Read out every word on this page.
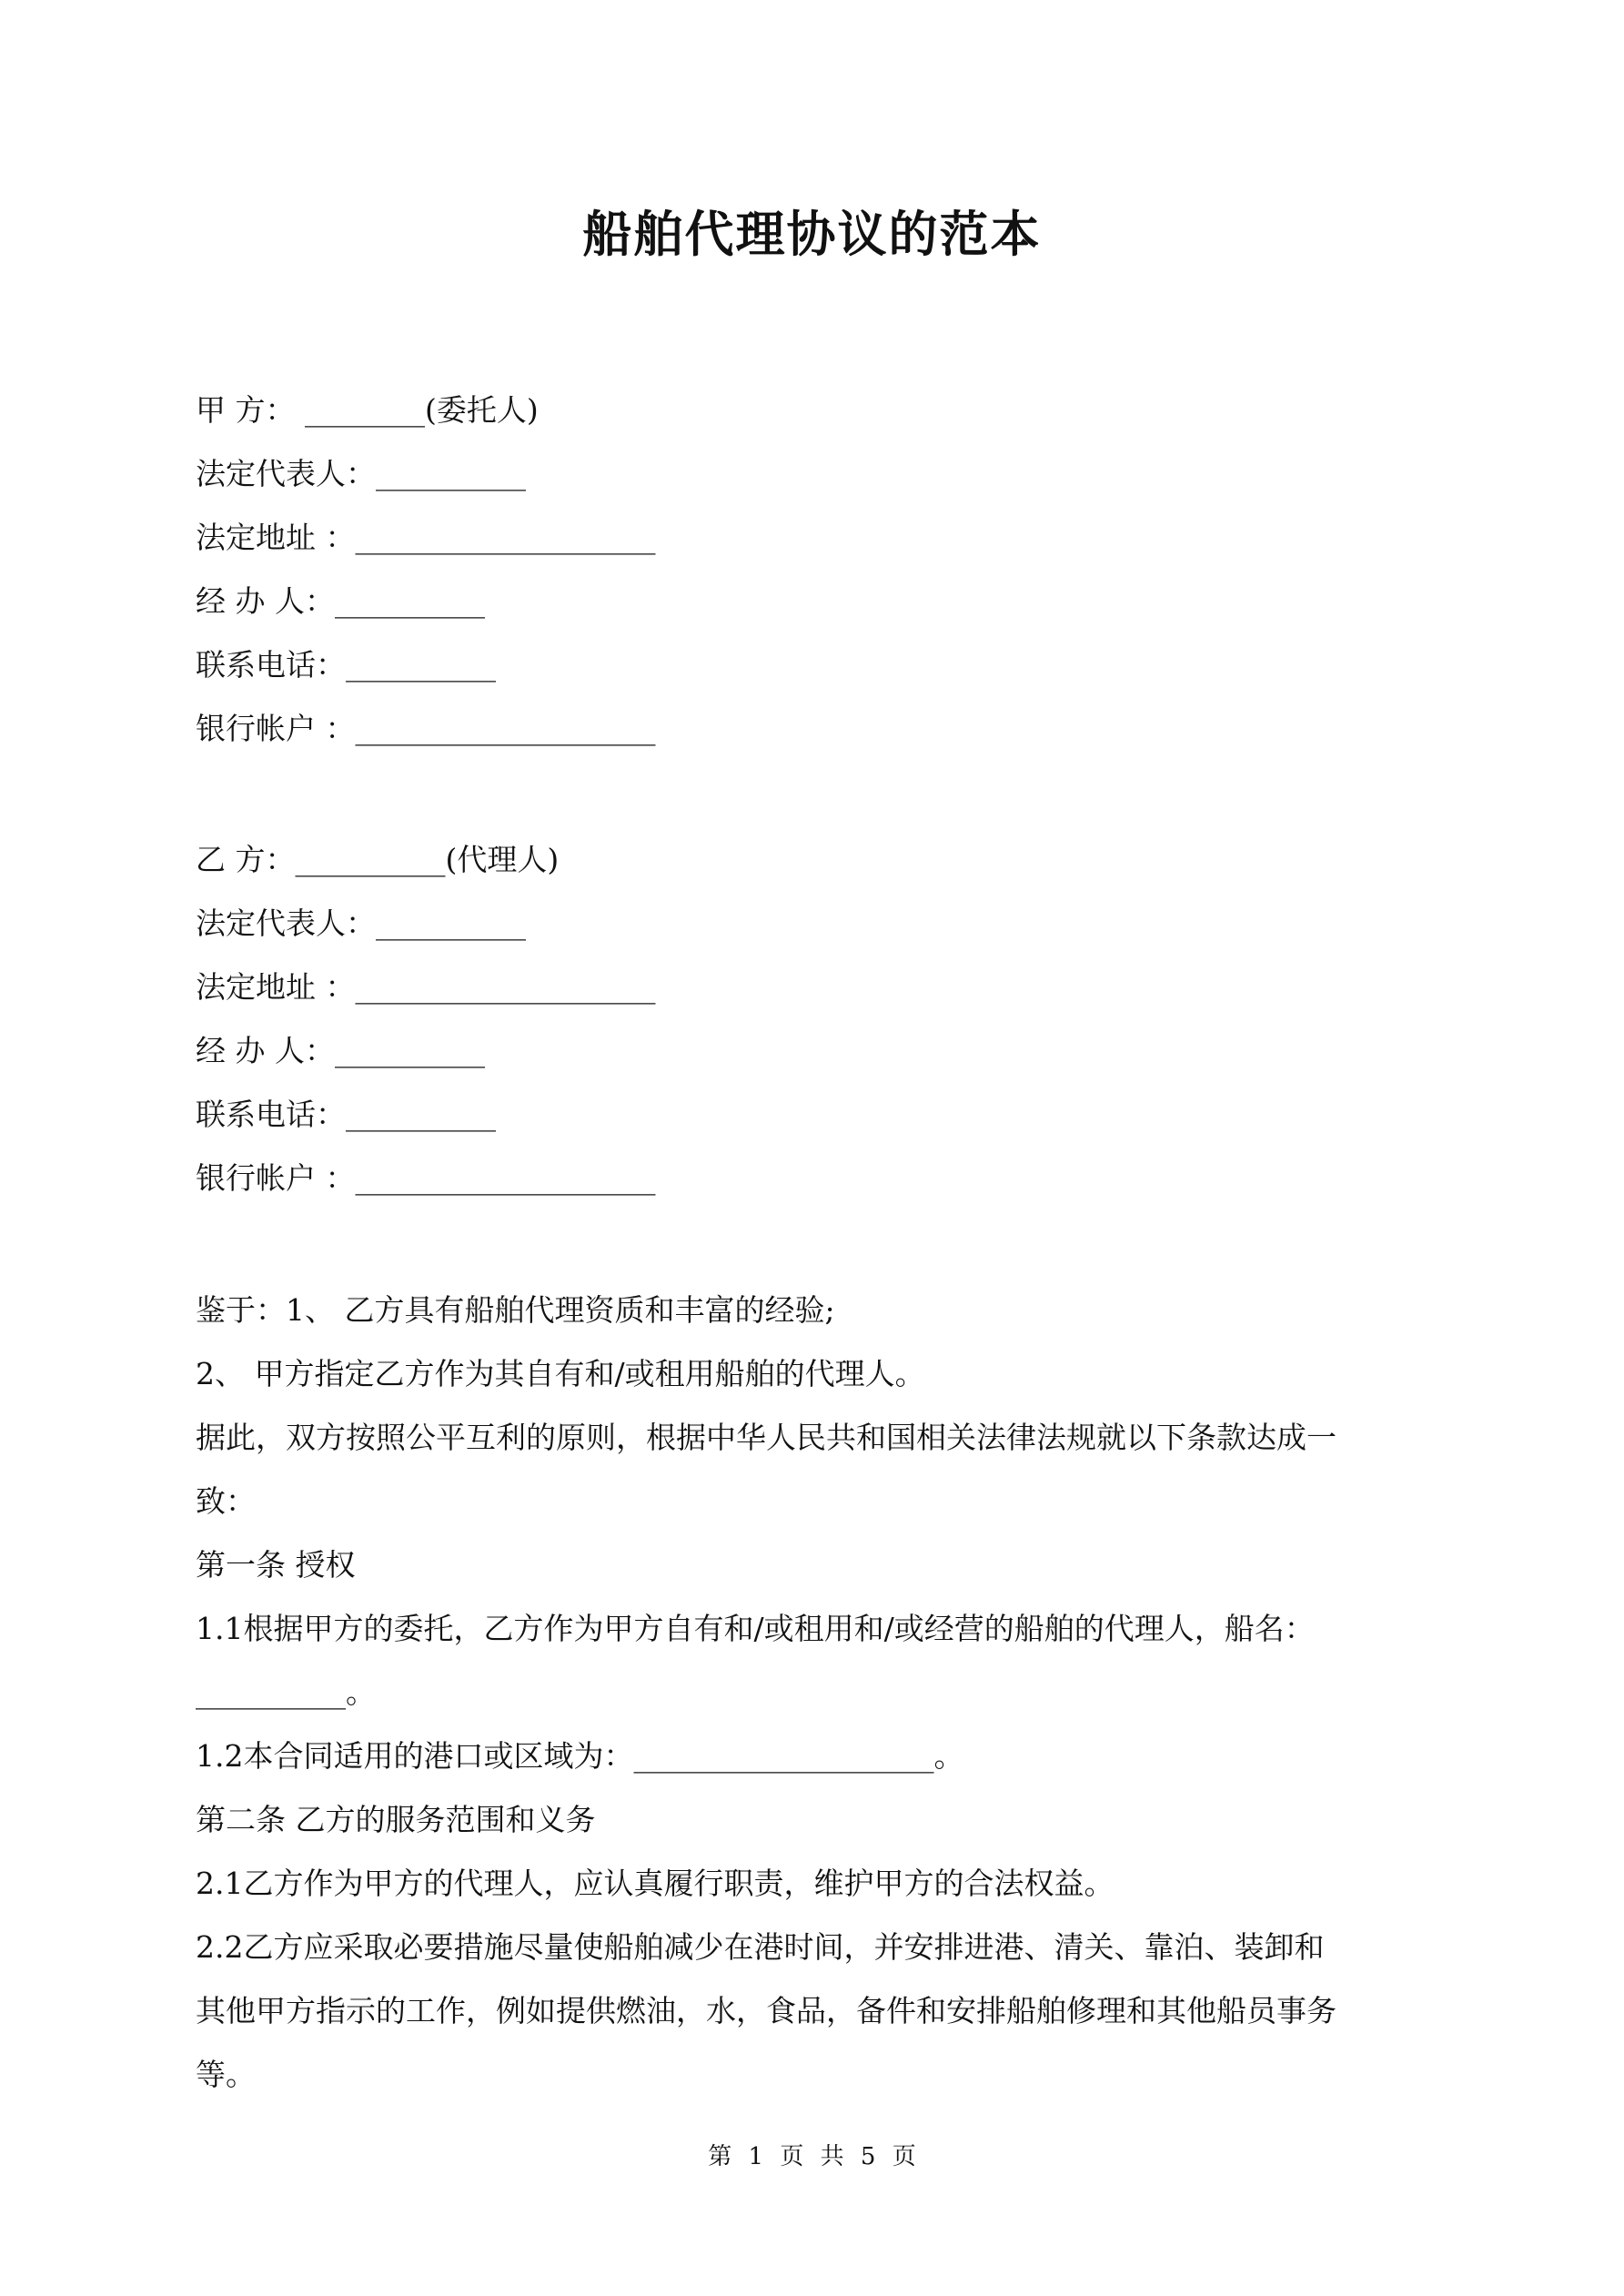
船舶代理协议的范本
甲 方： ________(委托人)
法定代表人：__________
法定地址 ：____________________
经 办 人：__________
联系电话：__________
银行帐户 ：____________________
乙 方：__________(代理人)
法定代表人：__________
法定地址 ：____________________
经 办 人：__________
联系电话：__________
银行帐户 ：____________________
鉴于：1、 乙方具有船舶代理资质和丰富的经验;
2、 甲方指定乙方作为其自有和/或租用船舶的代理人。
据此，双方按照公平互利的原则，根据中华人民共和国相关法律法规就以下条款达成一
致：
第一条 授权
1.1根据甲方的委托，乙方作为甲方自有和/或租用和/或经营的船舶的代理人，船名：
__________。
1.2本合同适用的港口或区域为：____________________。
第二条 乙方的服务范围和义务
2.1乙方作为甲方的代理人，应认真履行职责，维护甲方的合法权益。
2.2乙方应采取必要措施尽量使船舶减少在港时间，并安排进港、清关、靠泊、装卸和
其他甲方指示的工作，例如提供燃油，水，食品，备件和安排船舶修理和其他船员事务
等。
第 1 页 共 5 页
